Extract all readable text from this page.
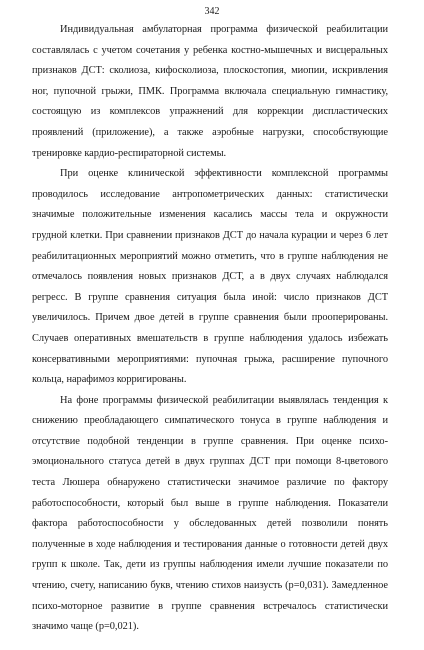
342

Индивидуальная амбулаторная программа физической реабилитации составлялась с учетом сочетания у ребенка костно-мышечных и висцеральных признаков ДСТ: сколиоза, кифосколиоза, плоскостопия, миопии, искривления ног, пупочной грыжи, ПМК. Программа включала специальную гимнастику, состоящую из комплексов упражнений для коррекции диспластических проявлений (приложение), а также аэробные нагрузки, способствующие тренировке кардио-респираторной системы.

При оценке клинической эффективности комплексной программы проводилось исследование антропометрических данных: статистически значимые положительные изменения касались массы тела и окружности грудной клетки. При сравнении признаков ДСТ до начала курации и через 6 лет реабилитационных мероприятий можно отметить, что в группе наблюдения не отмечалось появления новых признаков ДСТ, а в двух случаях наблюдался регресс. В группе сравнения ситуация была иной: число признаков ДСТ увеличилось. Причем двое детей в группе сравнения были прооперированы. Случаев оперативных вмешательств в группе наблюдения удалось избежать консервативными мероприятиями: пупочная грыжа, расширение пупочного кольца, нарафимоз корригированы.

На фоне программы физической реабилитации выявлялась тенденция к снижению преобладающего симпатического тонуса в группе наблюдения и отсутствие подобной тенденции в группе сравнения. При оценке психо-эмоционального статуса детей в двух группах ДСТ при помощи 8-цветового теста Люшера обнаружено статистически значимое различие по фактору работоспособности, который был выше в группе наблюдения. Показатели фактора работоспособности у обследованных детей позволили понять полученные в ходе наблюдения и тестирования данные о готовности детей двух групп к школе. Так, дети из группы наблюдения имели лучшие показатели по чтению, счету, написанию букв, чтению стихов наизусть (р=0,031). Замедленное психо-моторное развитие в группе сравнения встречалось статистически значимо чаще (р=0,021).
